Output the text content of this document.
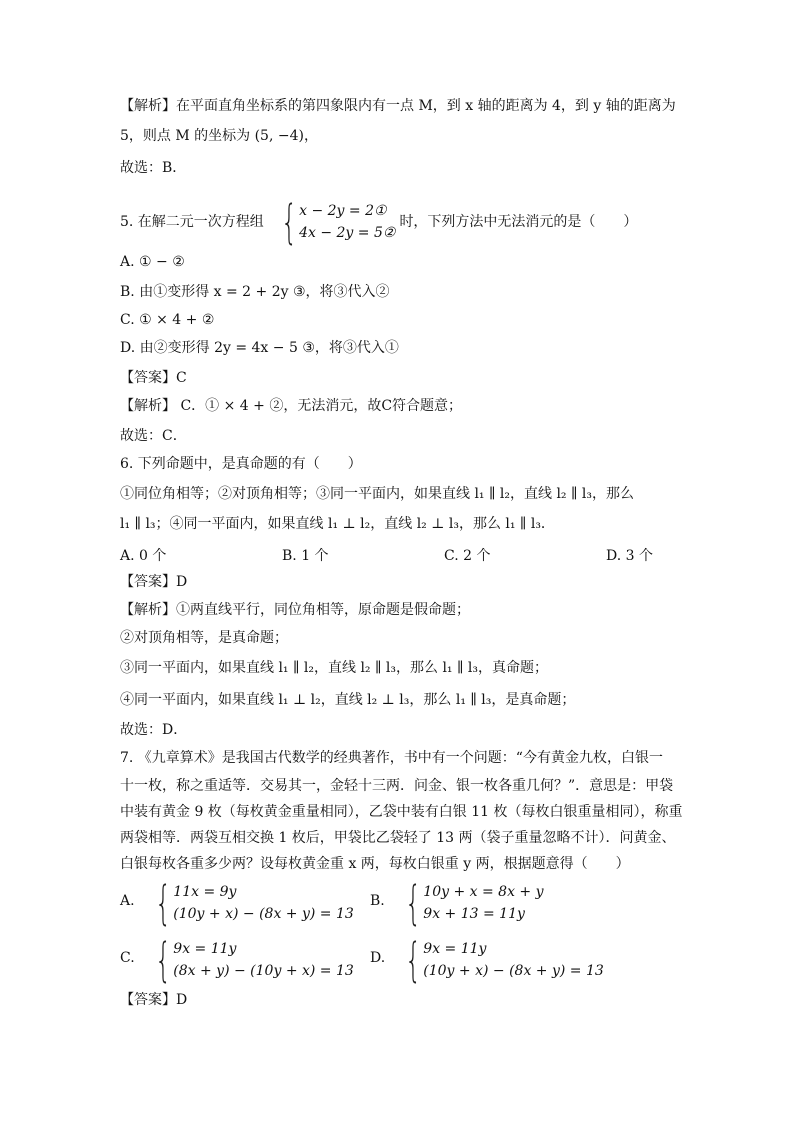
【解析】在平面直角坐标系的第四象限内有一点 M，到 x 轴的距离为 4，到 y 轴的距离为
5，则点 M 的坐标为 (5, −4)，
故选：B．
5. 在解二元一次方程组 { x − 2y = 2①
4x − 2y = 5②
时，下列方法中无法消元的是（　　）
A. ① − ②
B. 由①变形得 x = 2 + 2y ③，将③代入②
C. ① × 4 + ②
D. 由②变形得 2y = 4x − 5 ③，将③代入①
【答案】C
【解析】 C．① × 4 + ②，无法消元，故C符合题意；
故选：C．
6. 下列命题中，是真命题的有（　　）
①同位角相等；②对顶角相等；③同一平面内，如果直线 l₁ ∥ l₂，直线 l₂ ∥ l₃，那么
l₁ ∥ l₃；④同一平面内，如果直线 l₁ ⊥ l₂，直线 l₂ ⊥ l₃，那么 l₁ ∥ l₃．
A. 0 个	B. 1 个	C. 2 个	D. 3 个
【答案】D
【解析】①两直线平行，同位角相等，原命题是假命题；
②对顶角相等，是真命题；
③同一平面内，如果直线 l₁ ∥ l₂，直线 l₂ ∥ l₃，那么 l₁ ∥ l₃，真命题；
④同一平面内，如果直线 l₁ ⊥ l₂，直线 l₂ ⊥ l₃，那么 l₁ ∥ l₃，是真命题；
故选：D．
7. 《九章算术》是我国古代数学的经典著作，书中有一个问题：“今有黄金九枚，白银一
十一枚，称之重适等．交易其一，金轻十三两．问金、银一枚各重几何？”．意思是：甲袋
中装有黄金 9 枚（每枚黄金重量相同），乙袋中装有白银 11 枚（每枚白银重量相同），称重
两袋相等．两袋互相交换 1 枚后，甲袋比乙袋轻了 13 两（袋子重量忽略不计）．问黄金、
白银每枚各重多少两？设每枚黄金重 x 两，每枚白银重 y 两，根据题意得（　　）
A. { 11x = 9y
(10y + x) − (8x + y) = 13
B. { 10y + x = 8x + y
9x + 13 = 11y
C. { 9x = 11y
(8x + y) − (10y + x) = 13
D. { 9x = 11y
(10y + x) − (8x + y) = 13
【答案】D
